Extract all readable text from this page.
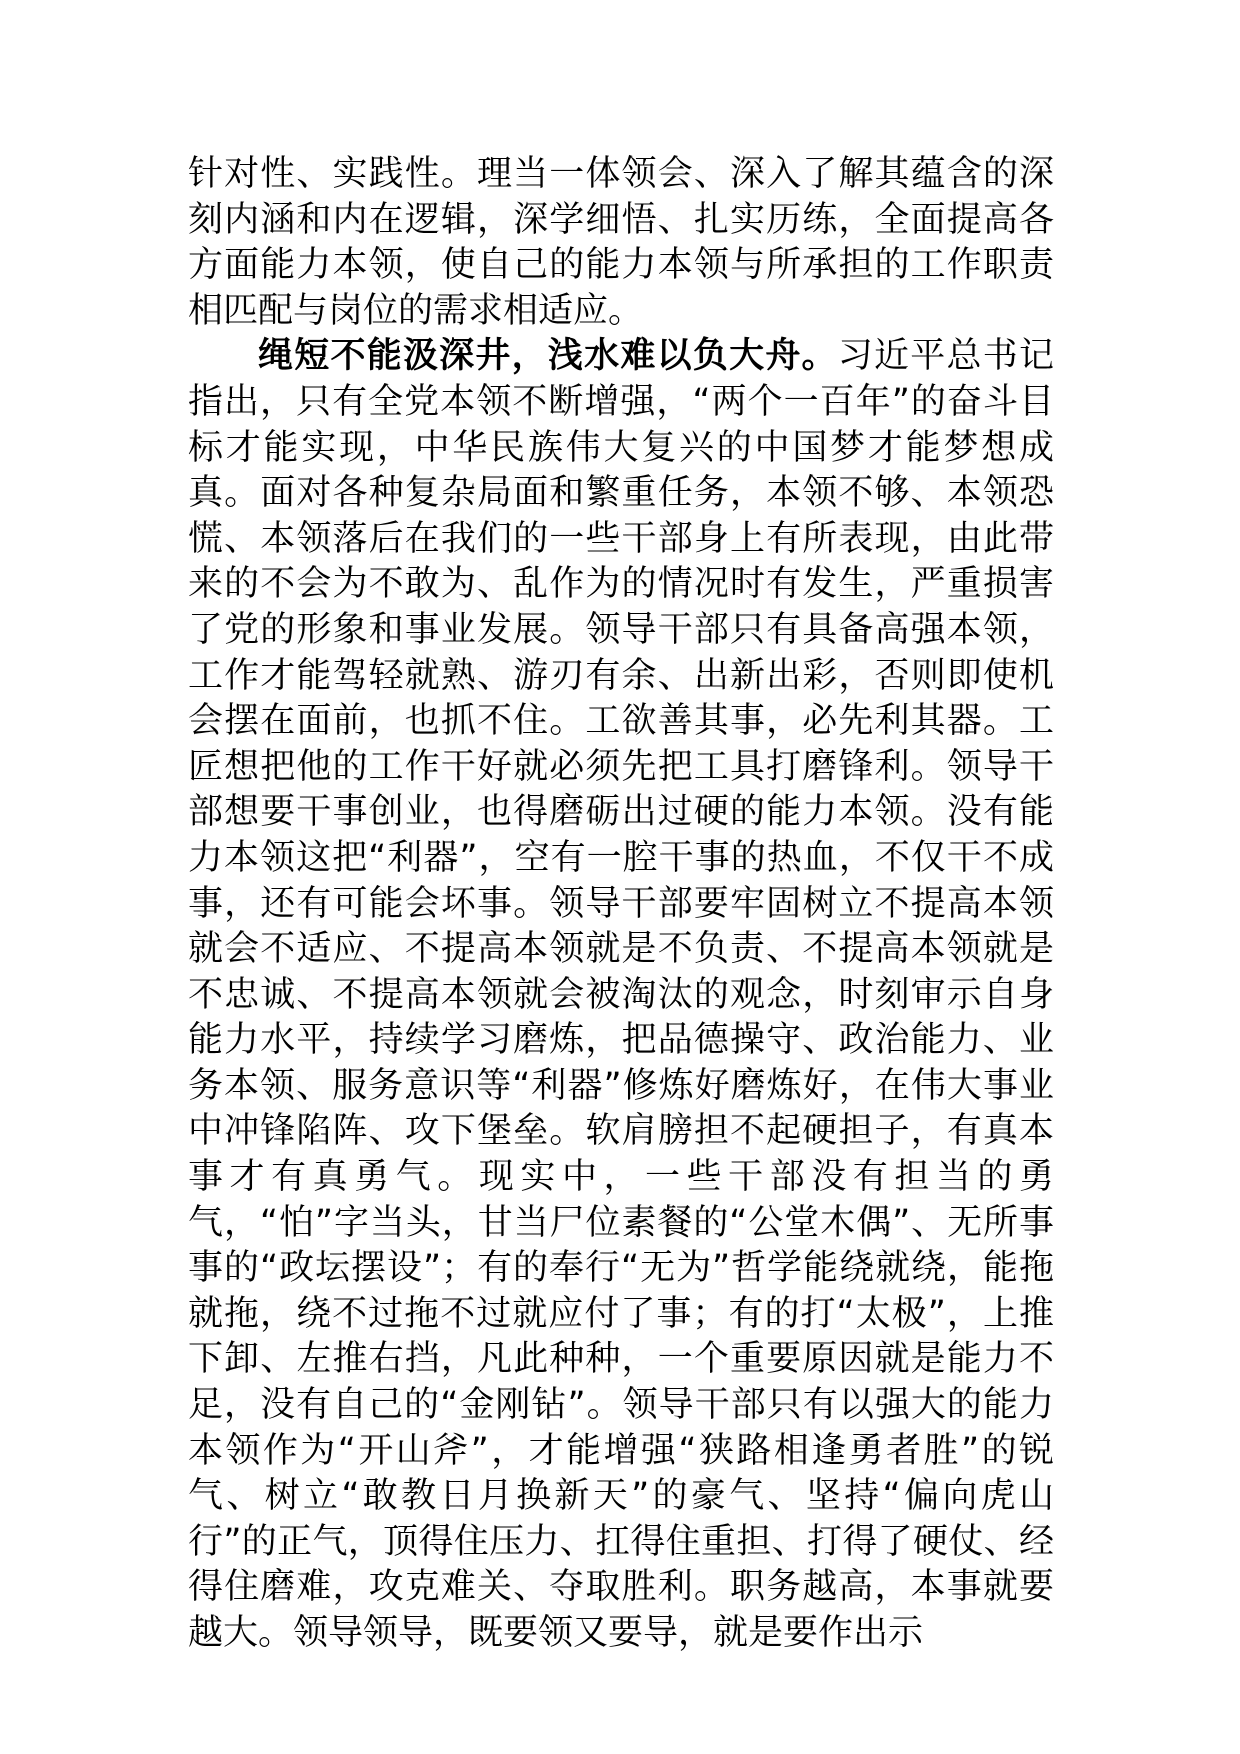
针对性、实践性。理当一体领会、深入了解其蕴含的深刻内涵和内在逻辑，深学细悟、扎实历练，全面提高各方面能力本领，使自己的能力本领与所承担的工作职责相匹配与岗位的需求相适应。

绳短不能汲深井，浅水难以负大舟。习近平总书记指出，只有全党本领不断增强，“两个一百年”的奋斗目标才能实现，中华民族伟大复兴的中国梦才能梦想成真。面对各种复杂局面和繁重任务，本领不够、本领恐慌、本领落后在我们的一些干部身上有所表现，由此带来的不会为不敢为、乱作为的情况时有发生，严重损害了党的形象和事业发展。领导干部只有具备高强本领，工作才能驾轻就熟、游刃有余、出新出彩，否则即使机会摆在面前，也抓不住。工欲善其事，必先利其器。工匠想把他的工作干好就必须先把工具打磨锋利。领导干部想要干事创业，也得磨砺出过硬的能力本领。没有能力本领这把“利器”，空有一腔干事的热血，不仅干不成事，还有可能会坏事。领导干部要牢固树立不提高本领就会不适应、不提高本领就是不负责、不提高本领就是不忠诚、不提高本领就会被淘汰的观念，时刻审示自身能力水平，持续学习磨炼，把品德操守、政治能力、业务本领、服务意识等“利器”修炼好磨炼好，在伟大事业中冲锋陷阵、攻下堡垒。软肩膀担不起硬担子，有真本事才有真勇气。现实中，一些干部没有担当的勇气，“怕”字当头，甘当尸位素餐的“公堂木偶”、无所事事的“政坛摆设”；有的奉行“无为”哲学能绕就绕，能拖就拖，绕不过拖不过就应付了事；有的打“太极”，上推下卸、左推右挡，凡此种种，一个重要原因就是能力不足，没有自己的“金刚钻”。领导干部只有以强大的能力本领作为“开山斧”，才能增强“狭路相逢勇者胜”的锐气、树立“敢教日月换新天”的豪气、坚持“偏向虎山行”的正气，顶得住压力、扛得住重担、打得了硬仗、经得住磨难，攻克难关、夺取胜利。职务越高，本事就要越大。领导领导，既要领又要导，就是要作出示
